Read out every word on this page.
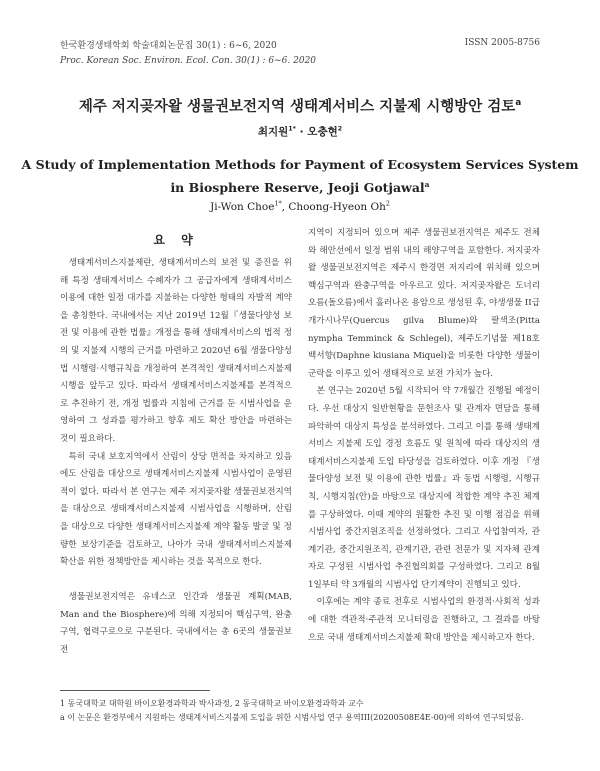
한국환경생태학회 학술대회논문집 30(1) : 6~6, 2020	ISSN 2005-8756
Proc. Korean Soc. Environ. Ecol. Con. 30(1) : 6~6. 2020
제주 저지곶자왈 생물권보전지역 생태계서비스 지불제 시행방안 검토$^a$
최지원$^{1*}$ · 오충현$^2$
A Study of Implementation Methods for Payment of Ecosystem Services System
in Biosphere Reserve, Jeoji Gotjawal$^a$
Ji-Won Choe$^{1*}$, Choong-Hyeon Oh$^2$
요 약

생태계서비스지불제란, 생태계서비스의 보전 및 증진을 위해 특정 생태계서비스 수혜자가 그 공급자에게 생태계서비스 이용에 대한 일정 대가를 지불하는 다양한 형태의 자발적 계약을 총칭한다. 국내에서는 지난 2019년 12월『생물다양성 보전 및 이용에 관한 법률』개정을 통해 생태계서비스의 법적 정의 및 지불제 시행의 근거를 마련하고 2020년 6월 생물다양성법 시행령·시행규칙을 개정하여 본격적인 생태계서비스지불제 시행을 앞두고 있다. 따라서 생태계서비스지불제를 본격적으로 추진하기 전, 개정 법률과 지침에 근거를 둔 시범사업을 운영하여 그 성과를 평가하고 향후 제도 확산 방안을 마련하는 것이 필요하다.

특히 국내 보호지역에서 산림이 상당 면적을 차지하고 있음에도 산림을 대상으로 생태계서비스지불제 시범사업이 운영된 적이 없다. 따라서 본 연구는 제주 저지곶자왈 생물권보전지역을 대상으로 생태계서비스지불제 시범사업을 시행하며, 산림을 대상으로 다양한 생태계서비스지불제 계약 활동 발굴 및 정량한 보상기준을 검토하고, 나아가 국내 생태계서비스지불제 확산을 위한 정책방안을 제시하는 것을 목적으로 한다.

생물권보전지역은 유네스코 인간과 생물권 계획(MAB, Man and the Biosphere)에 의해 지정되어 핵심구역, 완충구역, 협력구로으로 구분된다. 국내에서는 총 6곳의 생물권보전

지역이 지정되어 있으며 제주 생물권보전지역은 제주도 전체와 해안선에서 일정 범위 내의 해양구역을 포함한다. 저지곶자왈 생물권보전지역은 제주시 한경면 저지리에 위치해 있으며 핵심구역과 완충구역을 아우르고 있다. 저지곶자왈은 도너리오름(돌오름)에서 흘러나온 용암으로 생성된 후, 야생생물 II급 개가시나무(Quercus gilva Blume)와 팔색조(Pitta nympha Temminck & Schlegel), 제주도기념물 제18호 백서향(Daphne kiusiana Miquel)을 비롯한 다양한 생물이 군락을 이루고 있어 생태적으로 보전 가치가 높다.

본 연구는 2020년 5월 시작되어 약 7개월간 진행될 예정이다. 우선 대상지 일반현황을 문헌조사 및 관계자 면담을 통해 파악하여 대상지 특성을 분석하였다. 그리고 이를 통해 생태계서비스 지불제 도입 경정 흐름도 및 원칙에 따라 대상지의 생태계서비스지불제 도입 타당성을 검토하였다. 이후 개정 『생물다양성 보전 및 이용에 관한 법률』과 동법 시행령, 시행규칙, 시행지침(안)을 바탕으로 대상지에 적합한 계약 추진 체계를 구상하였다. 이때 계약의 원활한 추진 및 이행 점검을 위해 시범사업 중간지원조직을 선정하였다. 그리고 사업참여자, 관계기관, 중간지원조직, 관계기관, 관련 전문가 및 지자체 관계자로 구성된 시범사업 추진협의회를 구성하였다. 그리고 8월 1일부터 약 3개월의 시범사업 단기계약이 진행되고 있다.

이후에는 계약 종료 전후로 시범사업의 환경적·사회적 성과에 대한 객관적·주관적 모니터링을 진행하고, 그 결과를 바탕으로 국내 생태계서비스지불제 확대 방안을 제시하고자 한다.

1 동국대학교 대학원 바이오환경과학과 박사과정, 2 동국대학교 바이오환경과학과 교수
a 이 논문은 환경부에서 지원하는 생태계서비스지불제 도입을 위한 시범사업 연구 용역III(20200508E4E-00)에 의하여 연구되었음.
